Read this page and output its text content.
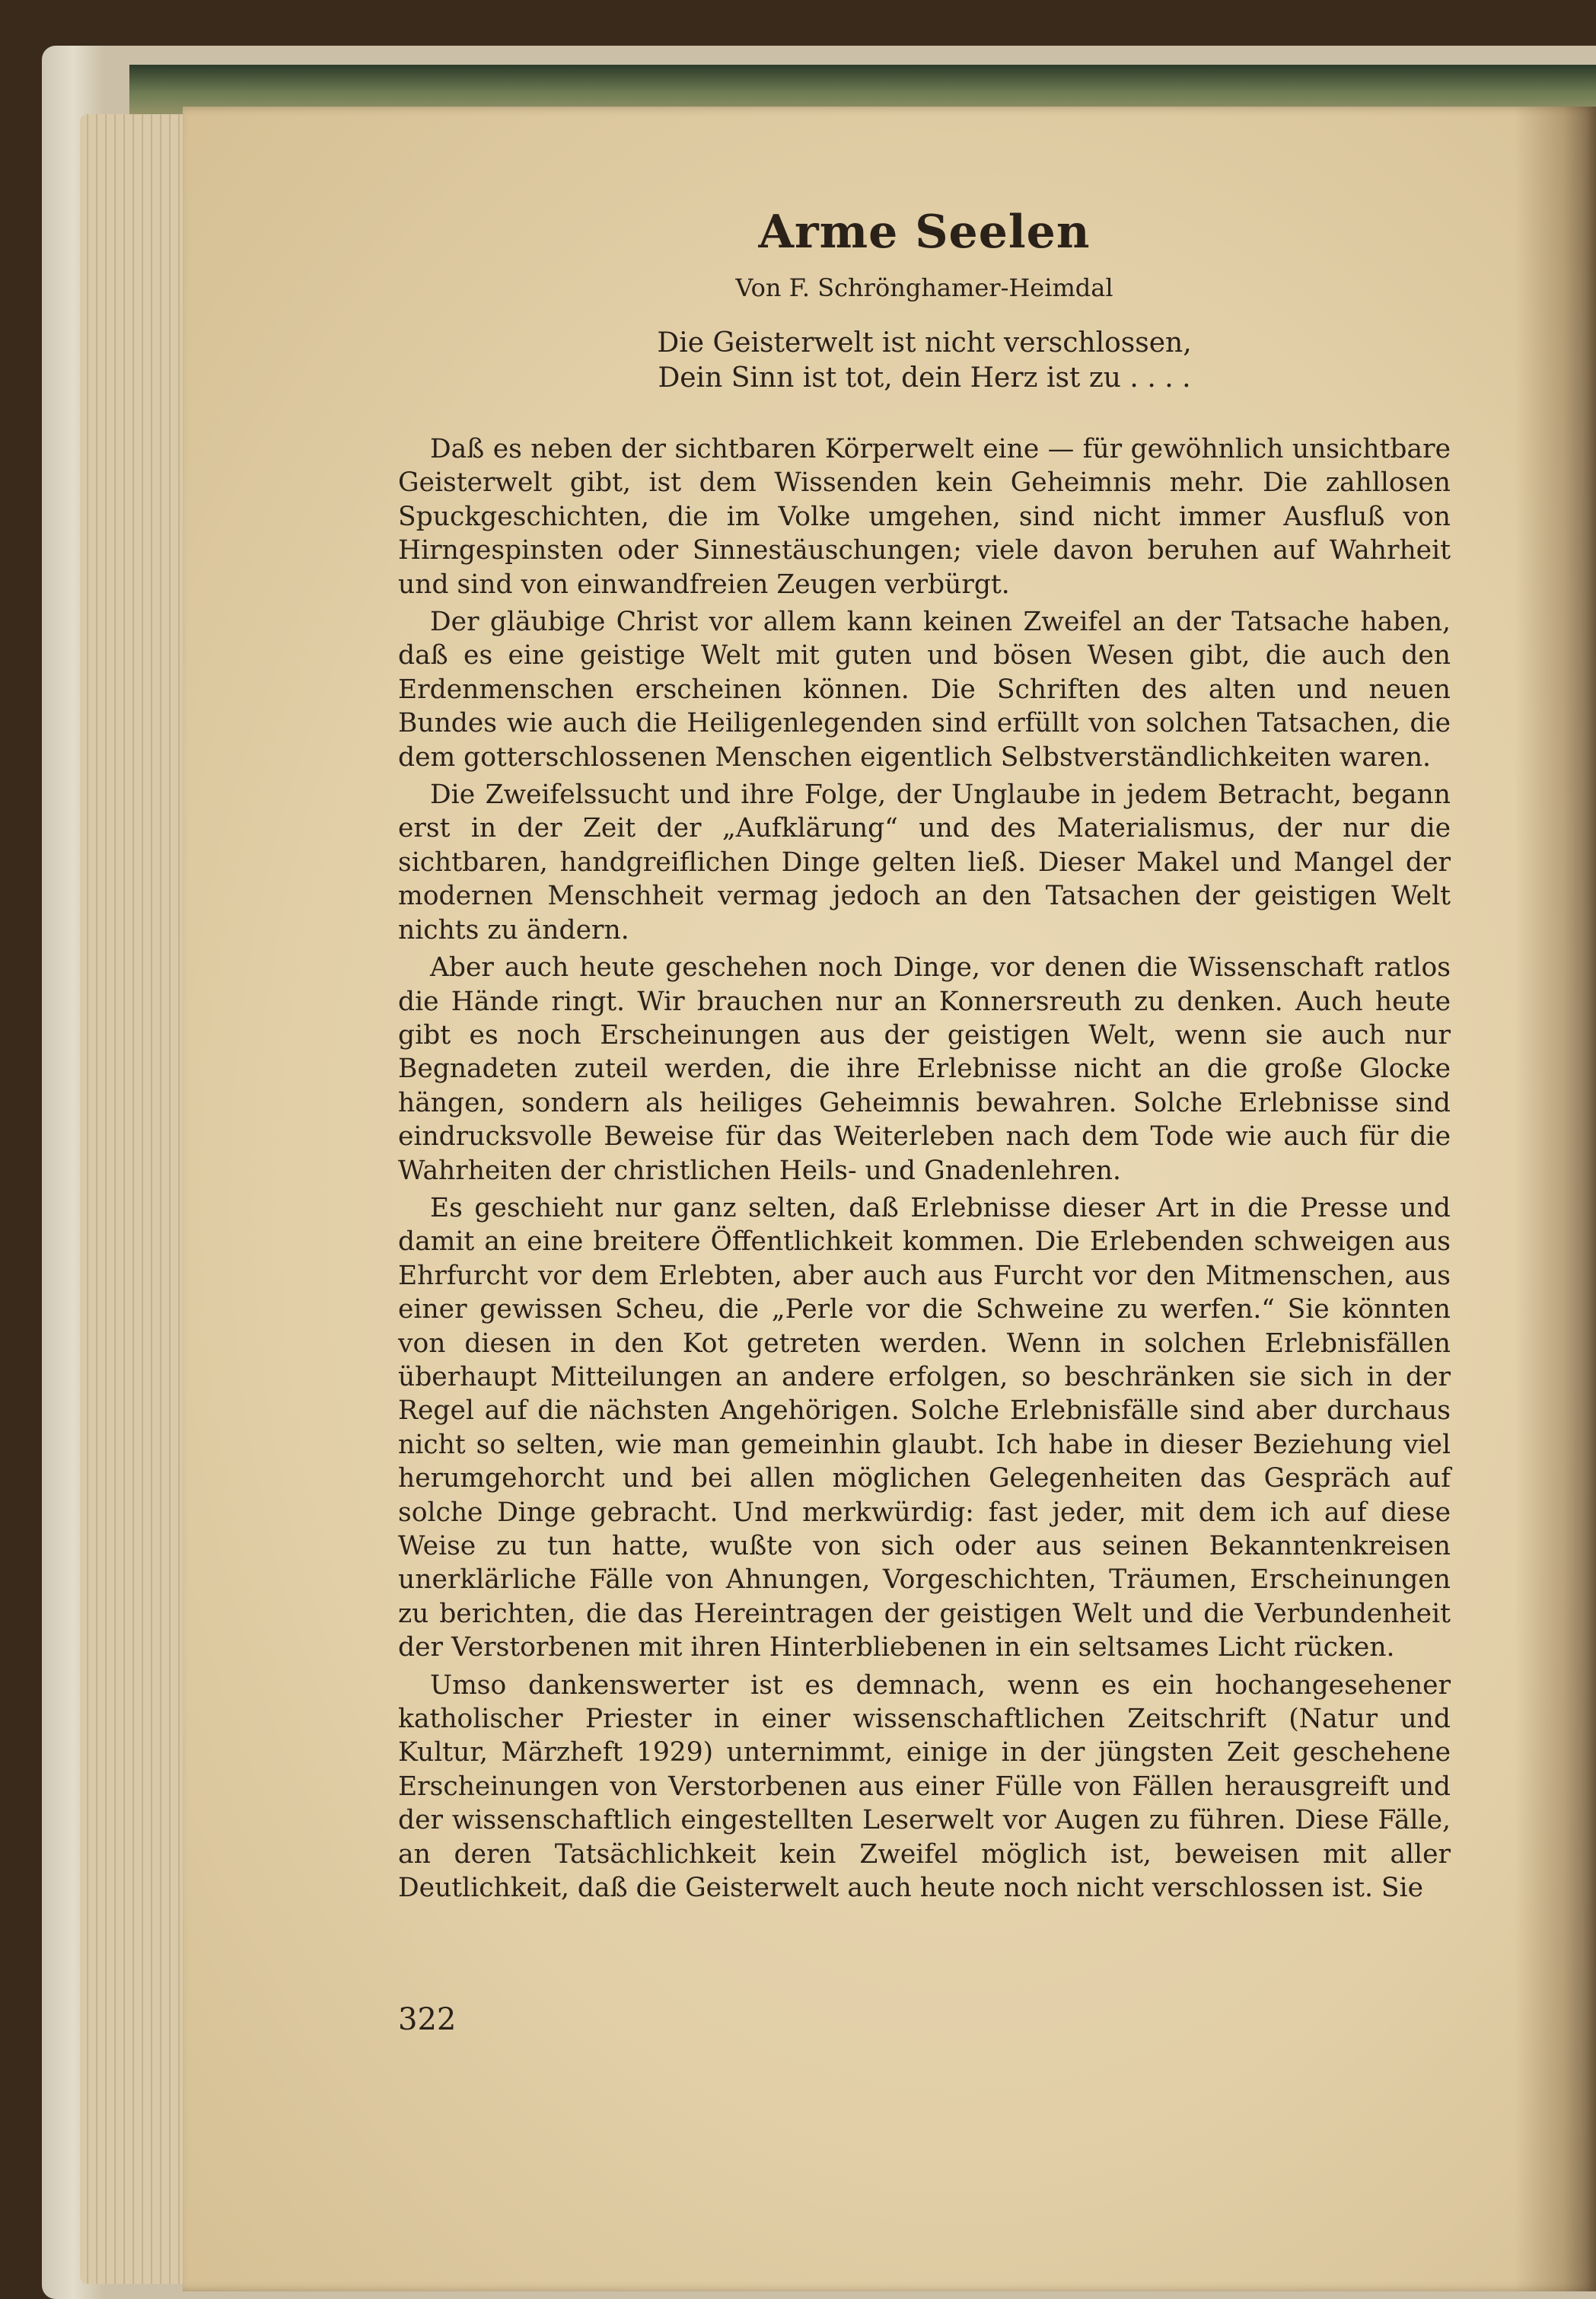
Arme Seelen
Von F. Schrönghamer-Heimdal
Die Geisterwelt ist nicht verschlossen,
Dein Sinn ist tot, dein Herz ist zu . . . .

Daß es neben der sichtbaren Körperwelt eine — für gewöhnlich unsichtbare Geisterwelt gibt, ist dem Wissenden kein Geheimnis mehr. Die zahllosen Spuckgeschichten, die im Volke umgehen, sind nicht immer Ausfluß von Hirngespinsten oder Sinnestäuschungen; viele davon beruhen auf Wahrheit und sind von einwandfreien Zeugen verbürgt.

Der gläubige Christ vor allem kann keinen Zweifel an der Tatsache haben, daß es eine geistige Welt mit guten und bösen Wesen gibt, die auch den Erdenmenschen erscheinen können. Die Schriften des alten und neuen Bundes wie auch die Heiligenlegenden sind erfüllt von solchen Tatsachen, die dem gotterschlossenen Menschen eigentlich Selbstverständlichkeiten waren.

Die Zweifelssucht und ihre Folge, der Unglaube in jedem Betracht, begann erst in der Zeit der „Aufklärung“ und des Materialismus, der nur die sichtbaren, handgreiflichen Dinge gelten ließ. Dieser Makel und Mangel der modernen Menschheit vermag jedoch an den Tatsachen der geistigen Welt nichts zu ändern.

Aber auch heute geschehen noch Dinge, vor denen die Wissenschaft ratlos die Hände ringt. Wir brauchen nur an Konnersreuth zu denken. Auch heute gibt es noch Erscheinungen aus der geistigen Welt, wenn sie auch nur Begnadeten zuteil werden, die ihre Erlebnisse nicht an die große Glocke hängen, sondern als heiliges Geheimnis bewahren. Solche Erlebnisse sind eindrucksvolle Beweise für das Weiterleben nach dem Tode wie auch für die Wahrheiten der christlichen Heils- und Gnadenlehren.

Es geschieht nur ganz selten, daß Erlebnisse dieser Art in die Presse und damit an eine breitere Öffentlichkeit kommen. Die Erlebenden schweigen aus Ehrfurcht vor dem Erlebten, aber auch aus Furcht vor den Mitmenschen, aus einer gewissen Scheu, die „Perle vor die Schweine zu werfen.“ Sie könnten von diesen in den Kot getreten werden. Wenn in solchen Erlebnisfällen überhaupt Mitteilungen an andere erfolgen, so beschränken sie sich in der Regel auf die nächsten Angehörigen. Solche Erlebnisfälle sind aber durchaus nicht so selten, wie man gemeinhin glaubt. Ich habe in dieser Beziehung viel herumgehorcht und bei allen möglichen Gelegenheiten das Gespräch auf solche Dinge gebracht. Und merkwürdig: fast jeder, mit dem ich auf diese Weise zu tun hatte, wußte von sich oder aus seinen Bekanntenkreisen unerklärliche Fälle von Ahnungen, Vorgeschichten, Träumen, Erscheinungen zu berichten, die das Hereintragen der geistigen Welt und die Verbundenheit der Verstorbenen mit ihren Hinterbliebenen in ein seltsames Licht rücken.

Umso dankenswerter ist es demnach, wenn es ein hochangesehener katholischer Priester in einer wissenschaftlichen Zeitschrift (Natur und Kultur, Märzheft 1929) unternimmt, einige in der jüngsten Zeit geschehene Erscheinungen von Verstorbenen aus einer Fülle von Fällen herausgreift und der wissenschaftlich eingestellten Leserwelt vor Augen zu führen. Diese Fälle, an deren Tatsächlichkeit kein Zweifel möglich ist, beweisen mit aller Deutlichkeit, daß die Geisterwelt auch heute noch nicht verschlossen ist. Sie

322
